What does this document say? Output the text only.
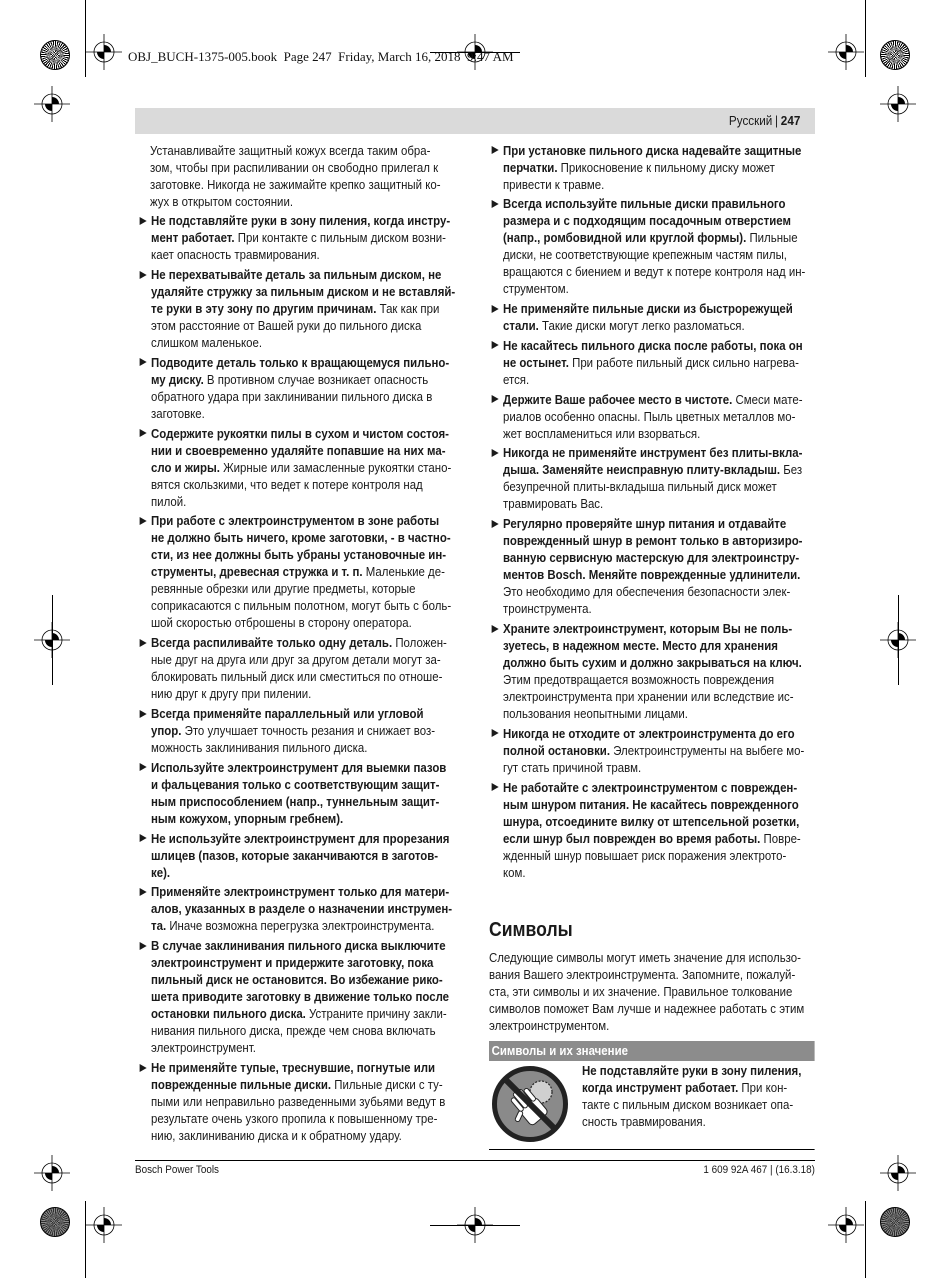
OBJ_BUCH-1375-005.book  Page 247  Friday, March 16, 2018  9:47 AM
Русский | 247

Устанавливайте защитный кожух всегда таким обра-
зом, чтобы при распиливании он свободно прилегал к
заготовке. Никогда не зажимайте крепко защитный ко-
жух в открытом состоянии.

Не подставляйте руки в зону пиления, когда инстру-
мент работает. При контакте с пильным диском возни-
кает опасность травмирования.

Не перехватывайте деталь за пильным диском, не
удаляйте стружку за пильным диском и не вставляй-
те руки в эту зону по другим причинам. Так как при
этом расстояние от Вашей руки до пильного диска
слишком маленькое.

Подводите деталь только к вращающемуся пильно-
му диску. В противном случае возникает опасность
обратного удара при заклинивании пильного диска в
заготовке.

Содержите рукоятки пилы в сухом и чистом состоя-
нии и своевременно удаляйте попавшие на них ма-
сло и жиры. Жирные или замасленные рукоятки стано-
вятся скользкими, что ведет к потере контроля над
пилой.

При работе с электроинструментом в зоне работы
не должно быть ничего, кроме заготовки, - в частно-
сти, из нее должны быть убраны установочные ин-
струменты, древесная стружка и т. п. Маленькие де-
ревянные обрезки или другие предметы, которые
соприкасаются с пильным полотном, могут быть с боль-
шой скоростью отброшены в сторону оператора.

Всегда распиливайте только одну деталь. Положен-
ные друг на друга или друг за другом детали могут за-
блокировать пильный диск или сместиться по отноше-
нию друг к другу при пилении.

Всегда применяйте параллельный или угловой
упор. Это улучшает точность резания и снижает воз-
можность заклинивания пильного диска.

Используйте электроинструмент для выемки пазов
и фальцевания только с соответствующим защит-
ным приспособлением (напр., туннельным защит-
ным кожухом, упорным гребнем).

Не используйте электроинструмент для прорезания
шлицев (пазов, которые заканчиваются в заготов-
ке).

Применяйте электроинструмент только для матери-
алов, указанных в разделе о назначении инструмен-
та. Иначе возможна перегрузка электроинструмента.

В случае заклинивания пильного диска выключите
электроинструмент и придержите заготовку, пока
пильный диск не остановится. Во избежание рико-
шета приводите заготовку в движение только после
остановки пильного диска. Устраните причину закли-
нивания пильного диска, прежде чем снова включать
электроинструмент.

Не применяйте тупые, треснувшие, погнутые или
поврежденные пильные диски. Пильные диски с ту-
пыми или неправильно разведенными зубьями ведут в
результате очень узкого пропила к повышенному тре-
нию, заклиниванию диска и к обратному удару.

При установке пильного диска надевайте защитные
перчатки. Прикосновение к пильному диску может
привести к травме.

Всегда используйте пильные диски правильного
размера и с подходящим посадочным отверстием
(напр., ромбовидной или круглой формы). Пильные
диски, не соответствующие крепежным частям пилы,
вращаются с биением и ведут к потере контроля над ин-
струментом.

Не применяйте пильные диски из быстрорежущей
стали. Такие диски могут легко разломаться.

Не касайтесь пильного диска после работы, пока он
не остынет. При работе пильный диск сильно нагрева-
ется.

Держите Ваше рабочее место в чистоте. Смеси мате-
риалов особенно опасны. Пыль цветных металлов мо-
жет воспламениться или взорваться.

Никогда не применяйте инструмент без плиты-вкла-
дыша. Заменяйте неисправную плиту-вкладыш. Без
безупречной плиты-вкладыша пильный диск может
травмировать Вас.

Регулярно проверяйте шнур питания и отдавайте
поврежденный шнур в ремонт только в авторизиро-
ванную сервисную мастерскую для электроинстру-
ментов Bosch. Меняйте поврежденные удлинители.
Это необходимо для обеспечения безопасности элек-
троинструмента.

Храните электроинструмент, которым Вы не поль-
зуетесь, в надежном месте. Место для хранения
должно быть сухим и должно закрываться на ключ.
Этим предотвращается возможность повреждения
электроинструмента при хранении или вследствие ис-
пользования неопытными лицами.

Никогда не отходите от электроинструмента до его
полной остановки. Электроинструменты на выбеге мо-
гут стать причиной травм.

Не работайте с электроинструментом с поврежден-
ным шнуром питания. Не касайтесь поврежденного
шнура, отсоедините вилку от штепсельной розетки,
если шнур был поврежден во время работы. Повре-
жденный шнур повышает риск поражения электрото-
ком.

Символы

Следующие символы могут иметь значение для использо-
вания Вашего электроинструмента. Запомните, пожалуй-
ста, эти символы и их значение. Правильное толкование
символов поможет Вам лучше и надежнее работать с этим
электроинструментом.

Символы и их значение
Не подставляйте руки в зону пиления,
когда инструмент работает. При кон-
такте с пильным диском возникает опа-
сность травмирования.
Bosch Power Tools	1 609 92A 467 | (16.3.18)
